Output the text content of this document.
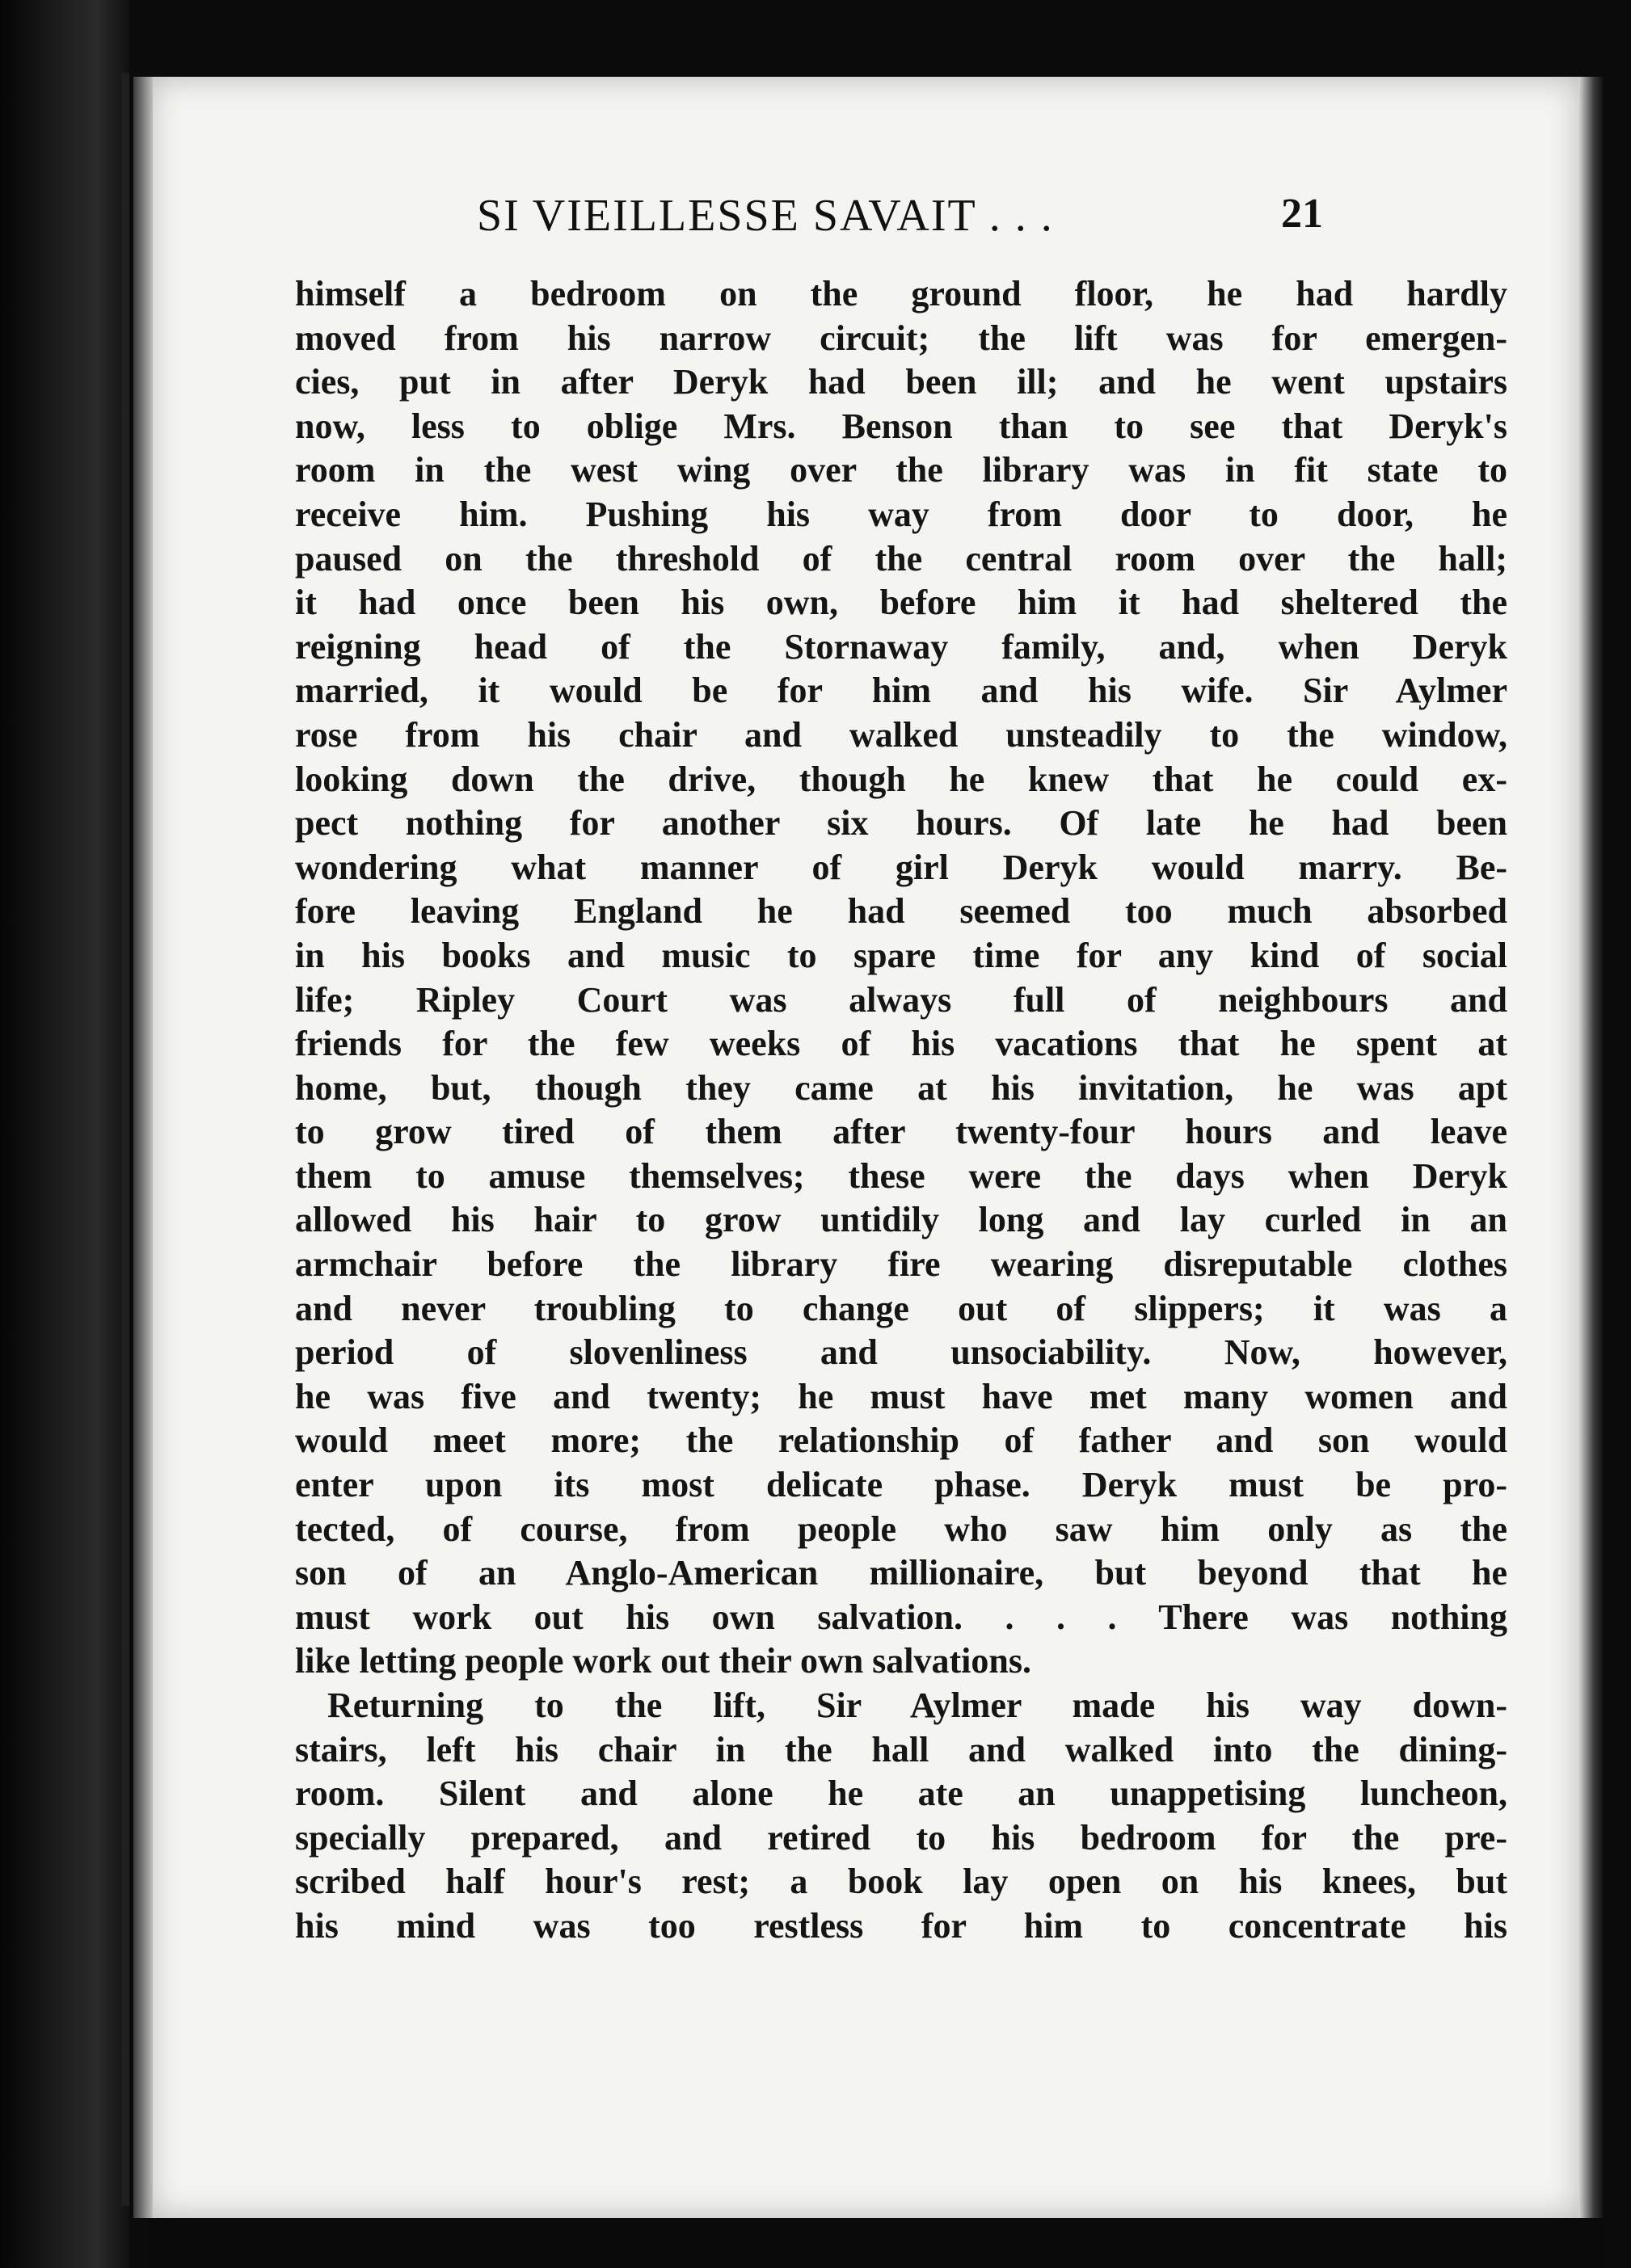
SI VIEILLESSE SAVAIT . . .	21
himself a bedroom on the ground floor, he had hardly
moved from his narrow circuit; the lift was for emergen-
cies, put in after Deryk had been ill; and he went upstairs
now, less to oblige Mrs. Benson than to see that Deryk's
room in the west wing over the library was in fit state to
receive him. Pushing his way from door to door, he
paused on the threshold of the central room over the hall;
it had once been his own, before him it had sheltered the
reigning head of the Stornaway family, and, when Deryk
married, it would be for him and his wife. Sir Aylmer
rose from his chair and walked unsteadily to the window,
looking down the drive, though he knew that he could ex-
pect nothing for another six hours. Of late he had been
wondering what manner of girl Deryk would marry. Be-
fore leaving England he had seemed too much absorbed
in his books and music to spare time for any kind of social
life; Ripley Court was always full of neighbours and
friends for the few weeks of his vacations that he spent at
home, but, though they came at his invitation, he was apt
to grow tired of them after twenty-four hours and leave
them to amuse themselves; these were the days when Deryk
allowed his hair to grow untidily long and lay curled in an
armchair before the library fire wearing disreputable clothes
and never troubling to change out of slippers; it was a
period of slovenliness and unsociability. Now, however,
he was five and twenty; he must have met many women and
would meet more; the relationship of father and son would
enter upon its most delicate phase. Deryk must be pro-
tected, of course, from people who saw him only as the
son of an Anglo-American millionaire, but beyond that he
must work out his own salvation. . . . There was nothing
like letting people work out their own salvations.
Returning to the lift, Sir Aylmer made his way down-
stairs, left his chair in the hall and walked into the dining-
room. Silent and alone he ate an unappetising luncheon,
specially prepared, and retired to his bedroom for the pre-
scribed half hour's rest; a book lay open on his knees, but
his mind was too restless for him to concentrate his
